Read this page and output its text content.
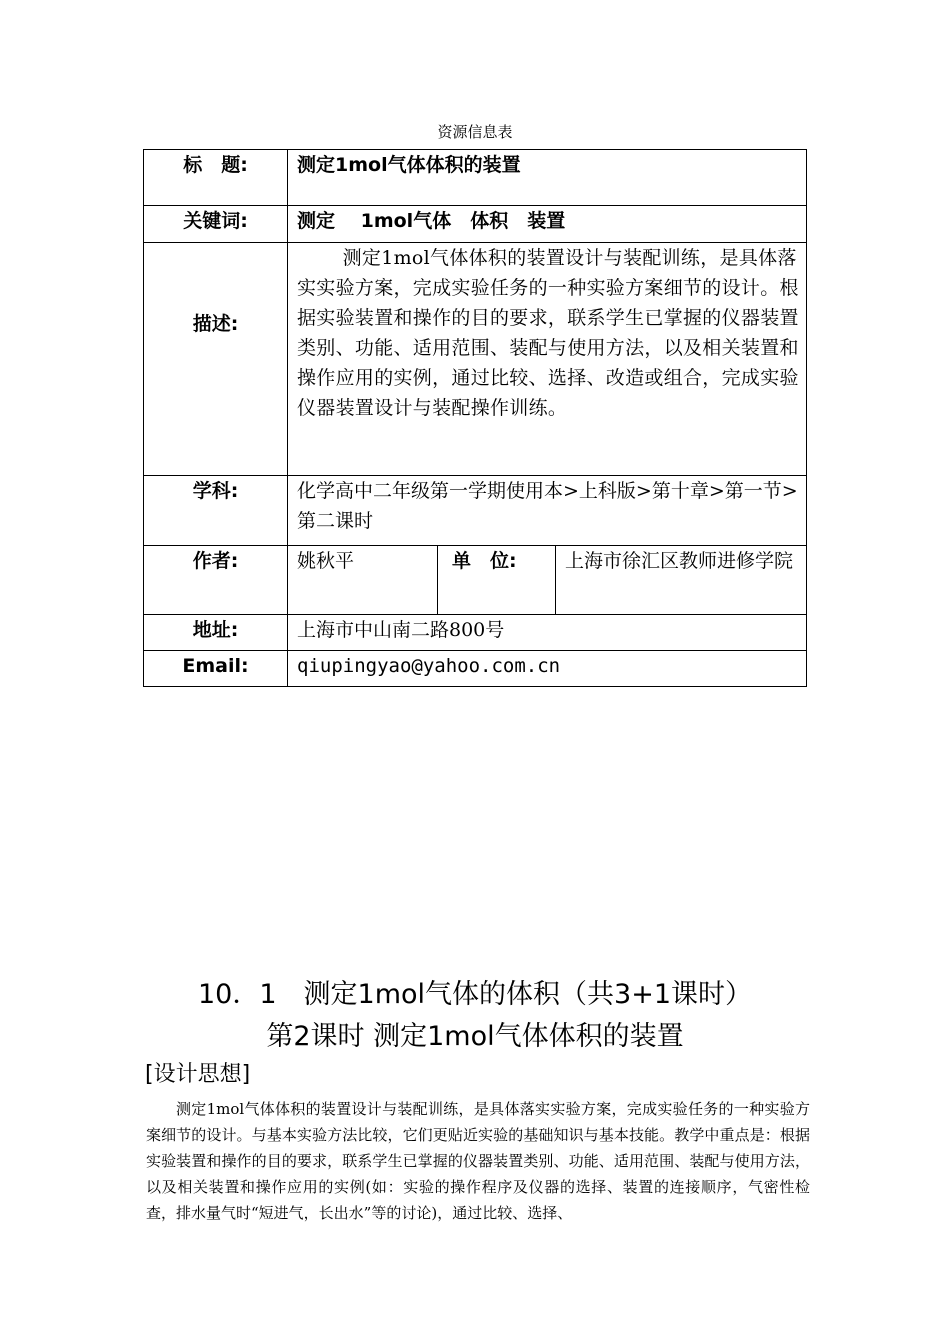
资源信息表
标　题:	测定1mol气体体积的装置		
关键词:	测定　 1mol气体　体积　装置		
描述:	测定1mol气体体积的装置设计与装配训练，是具体落实实验方案，完成实验任务的一种实验方案细节的设计。根据实验装置和操作的目的要求，联系学生已掌握的仪器装置类别、功能、适用范围、装配与使用方法，以及相关装置和操作应用的实例，通过比较、选择、改造或组合，完成实验仪器装置设计与装配操作训练。		
学科:	化学高中二年级第一学期使用本>上科版>第十章>第一节>第二课时		
作者:	姚秋平	单　位:	上海市徐汇区教师进修学院
地址:	上海市中山南二路800号		
Email:	qiupingyao@yahoo.com.cn		
10．1　测定1mol气体的体积（共3+1课时）
第2课时 测定1mol气体体积的装置
[设计思想]

测定1mol气体体积的装置设计与装配训练，是具体落实实验方案，完成实验任务的一种实验方案细节的设计。与基本实验方法比较，它们更贴近实验的基础知识与基本技能。教学中重点是：根据实验装置和操作的目的要求，联系学生已掌握的仪器装置类别、功能、适用范围、装配与使用方法，以及相关装置和操作应用的实例(如：实验的操作程序及仪器的选择、装置的连接顺序，气密性检查，排水量气时“短进气，长出水”等的讨论)，通过比较、选择、
